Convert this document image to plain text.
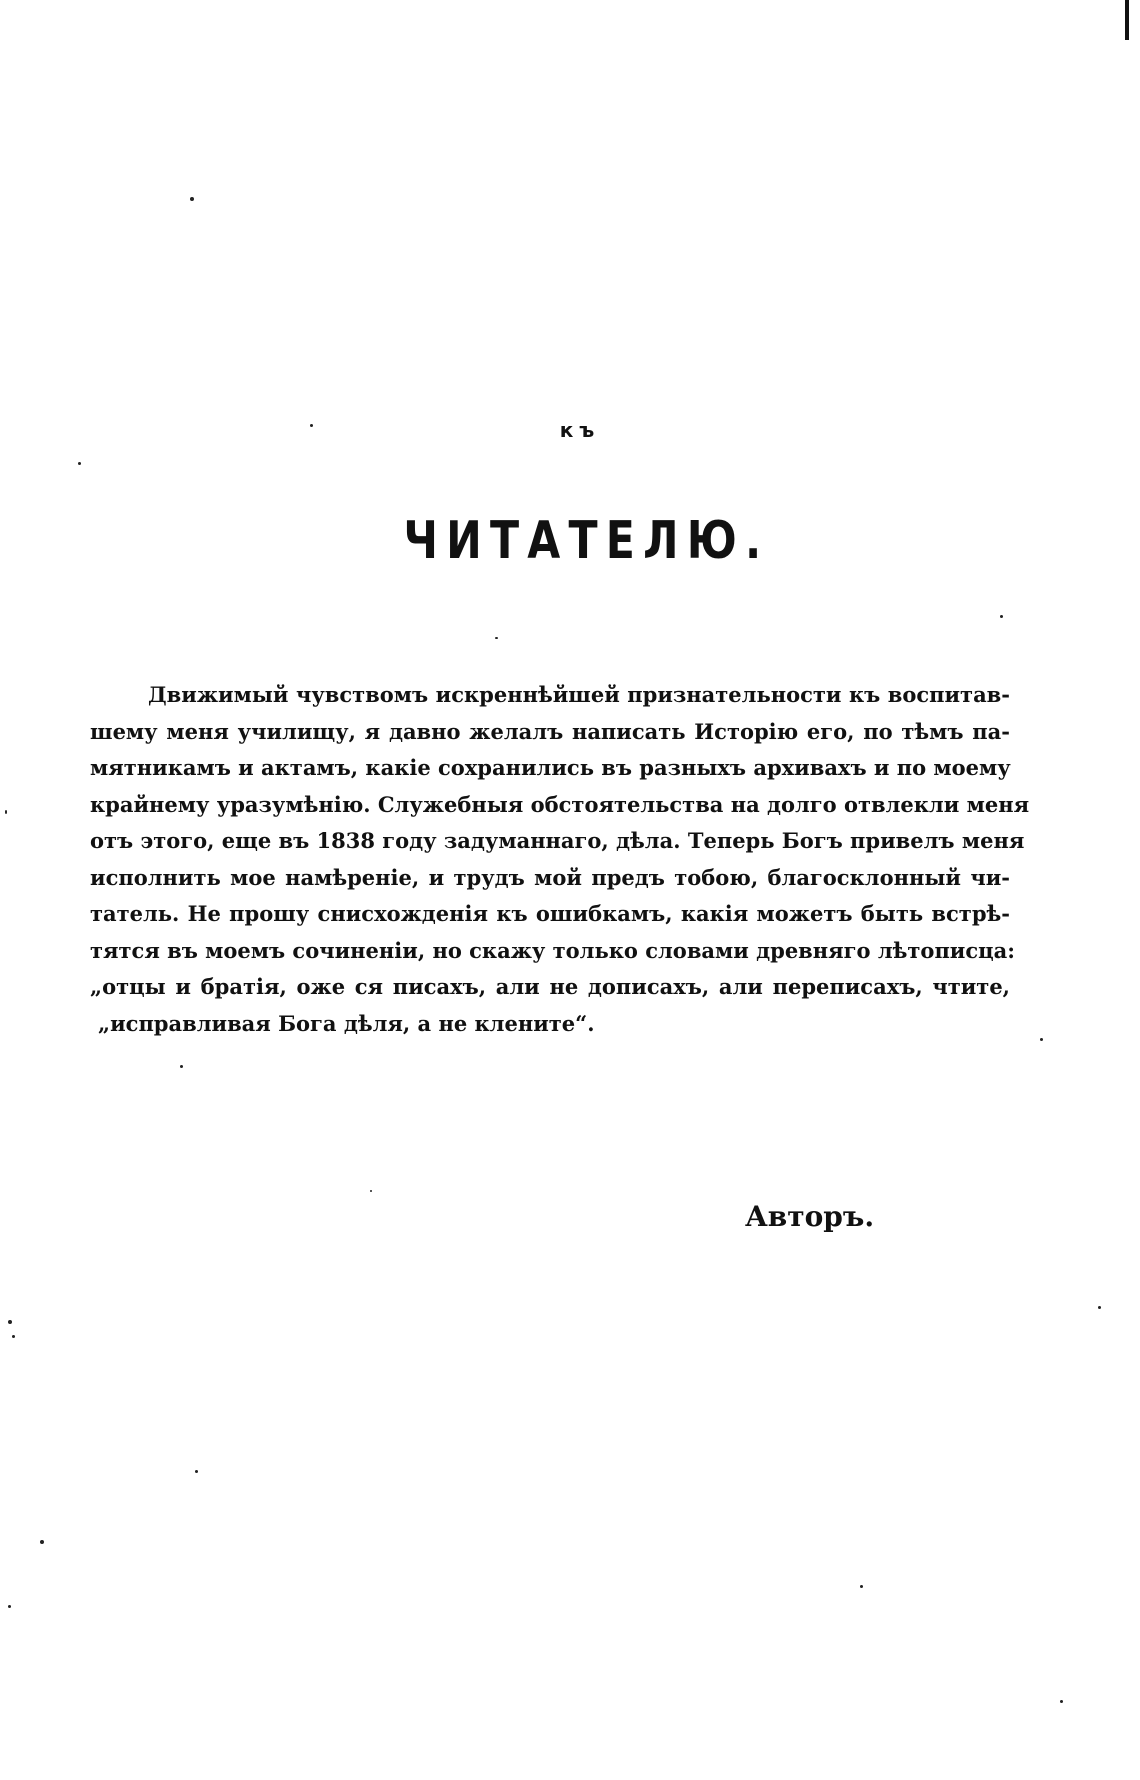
къ
ЧИТАТЕЛЮ.
Движимый чувствомъ искреннѣйшей признательности къ воспитав-
шему меня училищу, я давно желалъ написать Исторію его, по тѣмъ па-
мятникамъ и актамъ, какіе сохранились въ разныхъ архивахъ и по моему
крайнему уразумѣнію. Служебныя обстоятельства на долго отвлекли меня
отъ этого, еще въ 1838 году задуманнаго, дѣла. Теперь Богъ привелъ меня
исполнить мое намѣреніе, и трудъ мой предъ тобою, благосклонный чи-
татель. Не прошу снисхожденія къ ошибкамъ, какія можетъ быть встрѣ-
тятся въ моемъ сочиненіи, но скажу только словами древняго лѣтописца:
„отцы и братія, оже ся писахъ, али не дописахъ, али переписахъ, чтите,
„исправливая Бога дѣля, а не клените“.
Авторъ.
